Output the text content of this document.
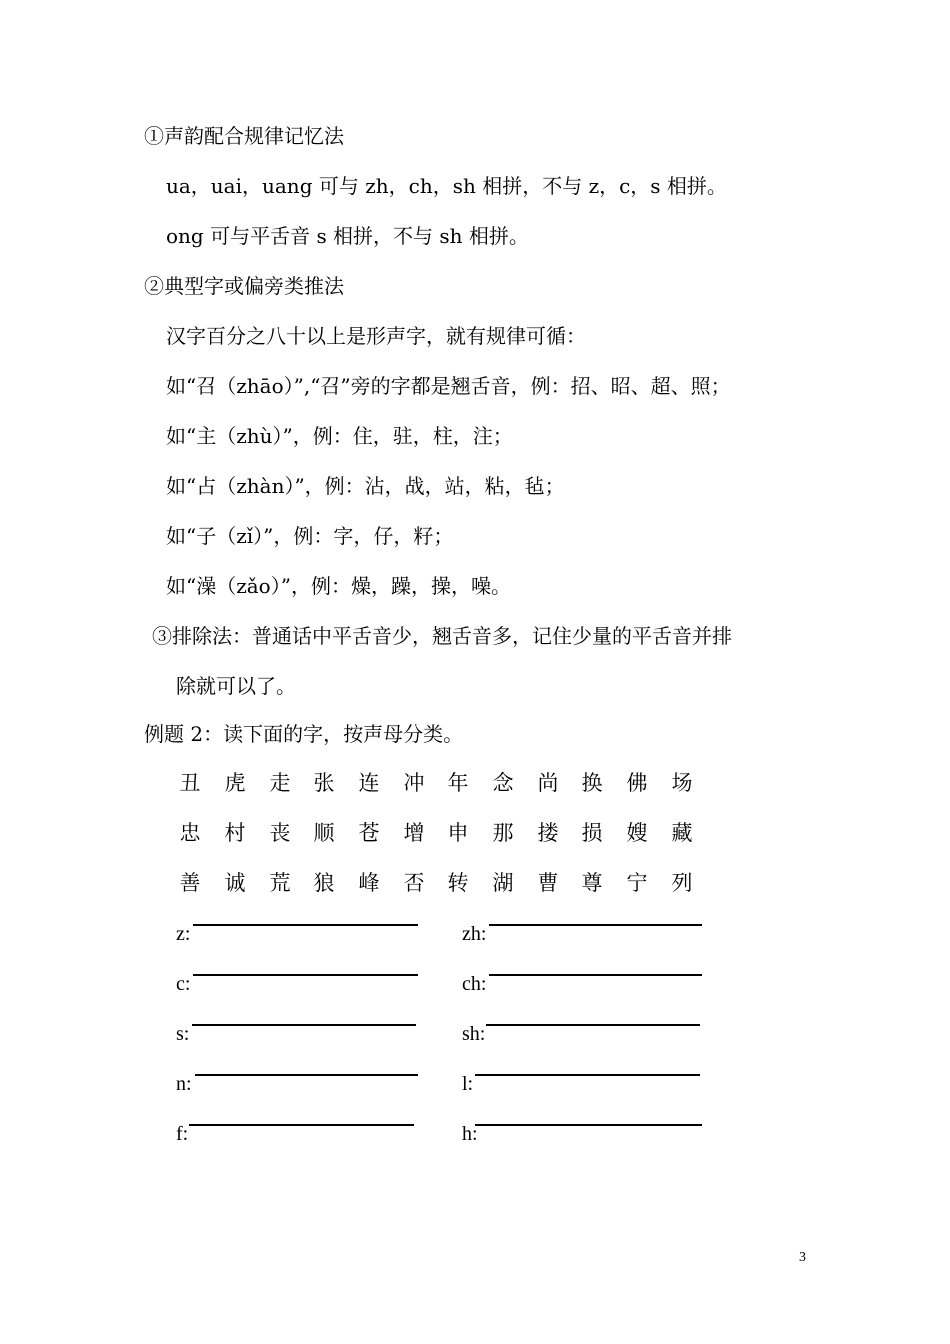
①声韵配合规律记忆法
ua，uai，uang 可与 zh，ch，sh 相拼，不与 z，c，s 相拼。
ong 可与平舌音 s 相拼，不与 sh 相拼。
②典型字或偏旁类推法
汉字百分之八十以上是形声字，就有规律可循：
如“召（zhāo）”,“召”旁的字都是翘舌音，例：招、昭、超、照；
如“主（zhù）”，例：住，驻，柱，注；
如“占（zhàn）”，例：沾，战，站，粘，毡；
如“子（zǐ）”，例：字，仔，籽；
如“澡（zǎo）”，例：燥，躁，操，噪。
③排除法：普通话中平舌音少，翘舌音多，记住少量的平舌音并排
除就可以了。
例题 2：读下面的字，按声母分类。
丑 虎 走 张 连 冲 年 念 尚 换 佛 场
忠 村 丧 顺 苍 增 申 那 搂 损 嫂 藏
善 诚 荒 狼 峰 否 转 湖 曹 尊 宁 列
z:	zh:
c:	ch:
s:	sh:
n:	l:
f:	h:
3
